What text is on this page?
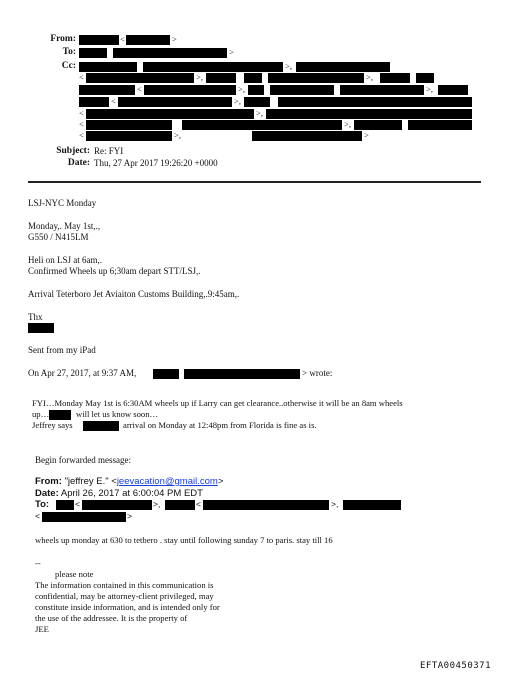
From:	<	>
To:	>
Cc:	>,
<	>,	>,
<	>,	>,
<	>,
<	>,
<	>,
<	>,	>
Subject: Re: FYI
Date: Thu, 27 Apr 2017 19:26:20 +0000
LSJ-NYC Monday
Monday,. May 1st,.,
G550 / N415LM
Heli on LSJ at 6am,.
Confirmed Wheels up 6;30am depart STT/LSJ,.
Arrival Teterboro Jet Aviaiton Customs Building,.9:45am,.
Thx
Sent from my iPad
On Apr 27, 2017, at 9:37 AM,	> wrote:
FYI…Monday May 1st is 6:30AM wheels up if Larry can get clearance..otherwise it will be an 8am wheels
up…	will let us know soon…
Jeffrey says	arrival on Monday at 12:48pm from Florida is fine as is.
Begin forwarded message:
From: "jeffrey E." <jeevacation@gmail.com>
Date: April 26, 2017 at 6:00:04 PM EDT
To:	<	>,	<	>,
<	>
wheels up monday at 630 to tetbero . stay until following sunday 7 to paris. stay till 16
--
please note
The information contained in this communication is
confidential, may be attorney-client privileged, may
constitute inside information, and is intended only for
the use of the addressee. It is the property of
JEE
EFTA00450371
